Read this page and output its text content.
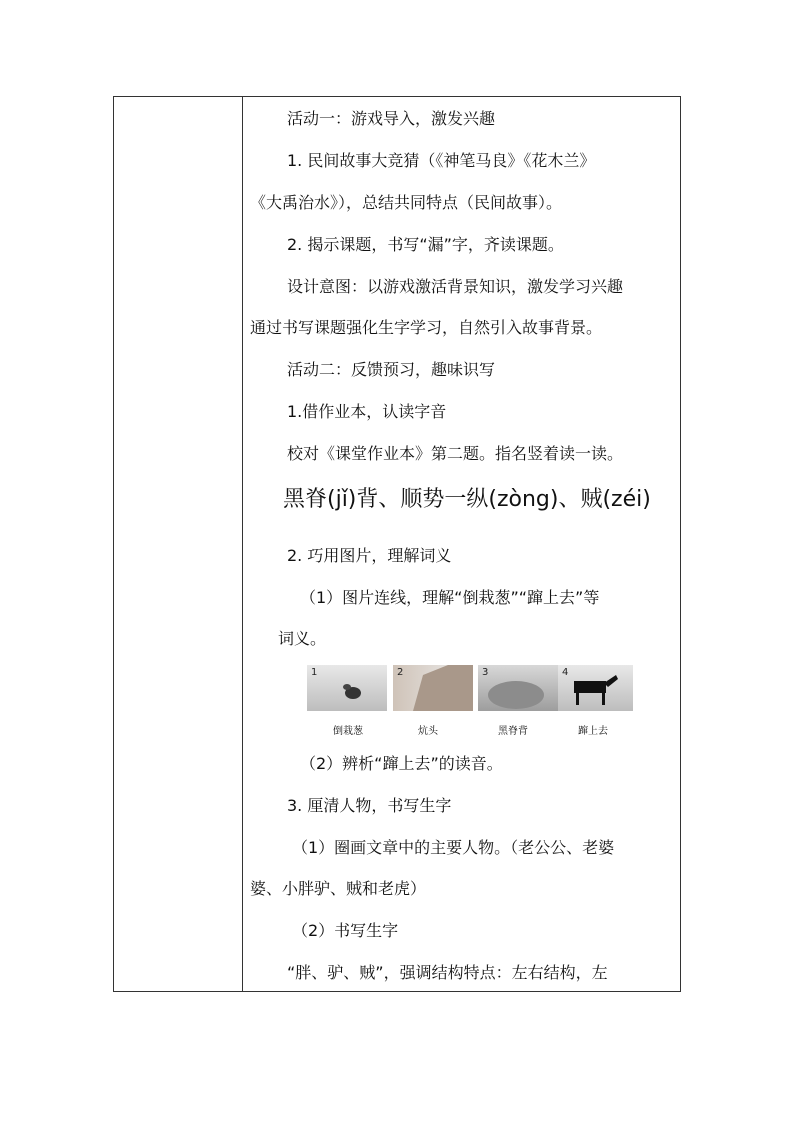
活动一：游戏导入，激发兴趣
1. 民间故事大竞猜（《神笔马良》《花木兰》
《大禹治水》），总结共同特点（民间故事）。
2. 揭示课题，书写“漏”字，齐读课题。
设计意图：以游戏激活背景知识，激发学习兴趣
通过书写课题强化生字学习，自然引入故事背景。
活动二：反馈预习，趣味识写
1.借作业本，认读字音
校对《课堂作业本》第二题。指名竖着读一读。
黑脊(jǐ)背、顺势一纵(zòng)、贼(zéi)
2. 巧用图片，理解词义
（1）图片连线，理解“倒栽葱”“蹿上去”等
词义。
1	2	3	4
倒栽葱	炕头	黑脊背	蹿上去
（2）辨析“蹿上去”的读音。
3. 厘清人物，书写生字
（1）圈画文章中的主要人物。（老公公、老婆
婆、小胖驴、贼和老虎）
（2）书写生字
“胖、驴、贼”，强调结构特点：左右结构，左
